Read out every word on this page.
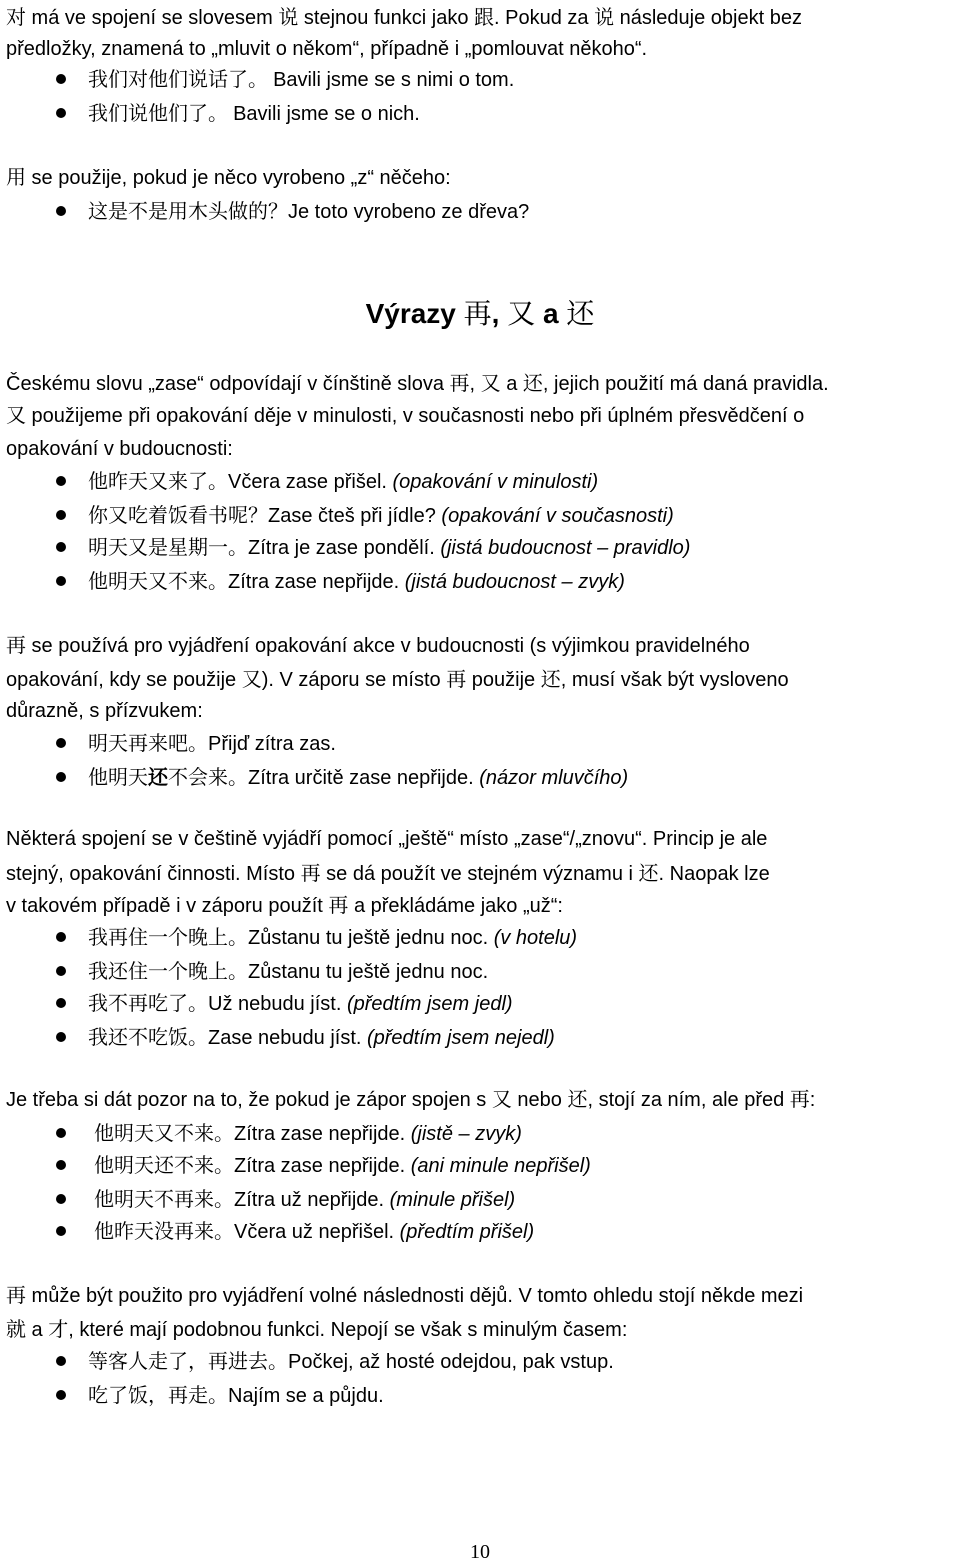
对 má ve spojení se slovesem 说 stejnou funkci jako 跟. Pokud za 说 následuje objekt bez
předložky, znamená to „mluvit o někom“, případně i „pomlouvat někoho“.
我们对他们说话了。 Bavili jsme se s nimi o tom.
我们说他们了。 Bavili jsme se o nich.
用 se použije, pokud je něco vyrobeno „z“ něčeho:
这是不是用木头做的？Je toto vyrobeno ze dřeva?
Výrazy 再, 又 a 还
Českému slovu „zase“ odpovídají v čínštině slova 再, 又 a 还, jejich použití má daná pravidla.
又 použijeme při opakování děje v minulosti, v současnosti nebo při úplném přesvědčení o
opakování v budoucnosti:
他昨天又来了。Včera zase přišel. (opakování v minulosti)
你又吃着饭看书呢？Zase čteš při jídle? (opakování v současnosti)
明天又是星期一。Zítra je zase pondělí. (jistá budoucnost – pravidlo)
他明天又不来。Zítra zase nepřijde. (jistá budoucnost – zvyk)
再 se používá pro vyjádření opakování akce v budoucnosti (s výjimkou pravidelného
opakování, kdy se použije 又). V záporu se místo 再 použije 还, musí však být vysloveno
důrazně, s přízvukem:
明天再来吧。Přijď zítra zas.
他明天还不会来。Zítra určitě zase nepřijde. (názor mluvčího)
Některá spojení se v češtině vyjádří pomocí „ještě“ místo „zase“/„znovu“. Princip je ale
stejný, opakování činnosti. Místo 再 se dá použít ve stejném významu i 还. Naopak lze
v takovém případě i v záporu použít 再 a překládáme jako „už“:
我再住一个晚上。Zůstanu tu ještě jednu noc. (v hotelu)
我还住一个晚上。Zůstanu tu ještě jednu noc.
我不再吃了。Už nebudu jíst. (předtím jsem jedl)
我还不吃饭。Zase nebudu jíst. (předtím jsem nejedl)
Je třeba si dát pozor na to, že pokud je zápor spojen s 又 nebo 还, stojí za ním, ale před 再:
他明天又不来。Zítra zase nepřijde. (jistě – zvyk)
他明天还不来。Zítra zase nepřijde. (ani minule nepřišel)
他明天不再来。Zítra už nepřijde. (minule přišel)
他昨天没再来。Včera už nepřišel. (předtím přišel)
再 může být použito pro vyjádření volné následnosti dějů. V tomto ohledu stojí někde mezi
就 a 才, které mají podobnou funkci. Nepojí se však s minulým časem:
等客人走了，再进去。Počkej, až hosté odejdou, pak vstup.
吃了饭，再走。Najím se a půjdu.
10
